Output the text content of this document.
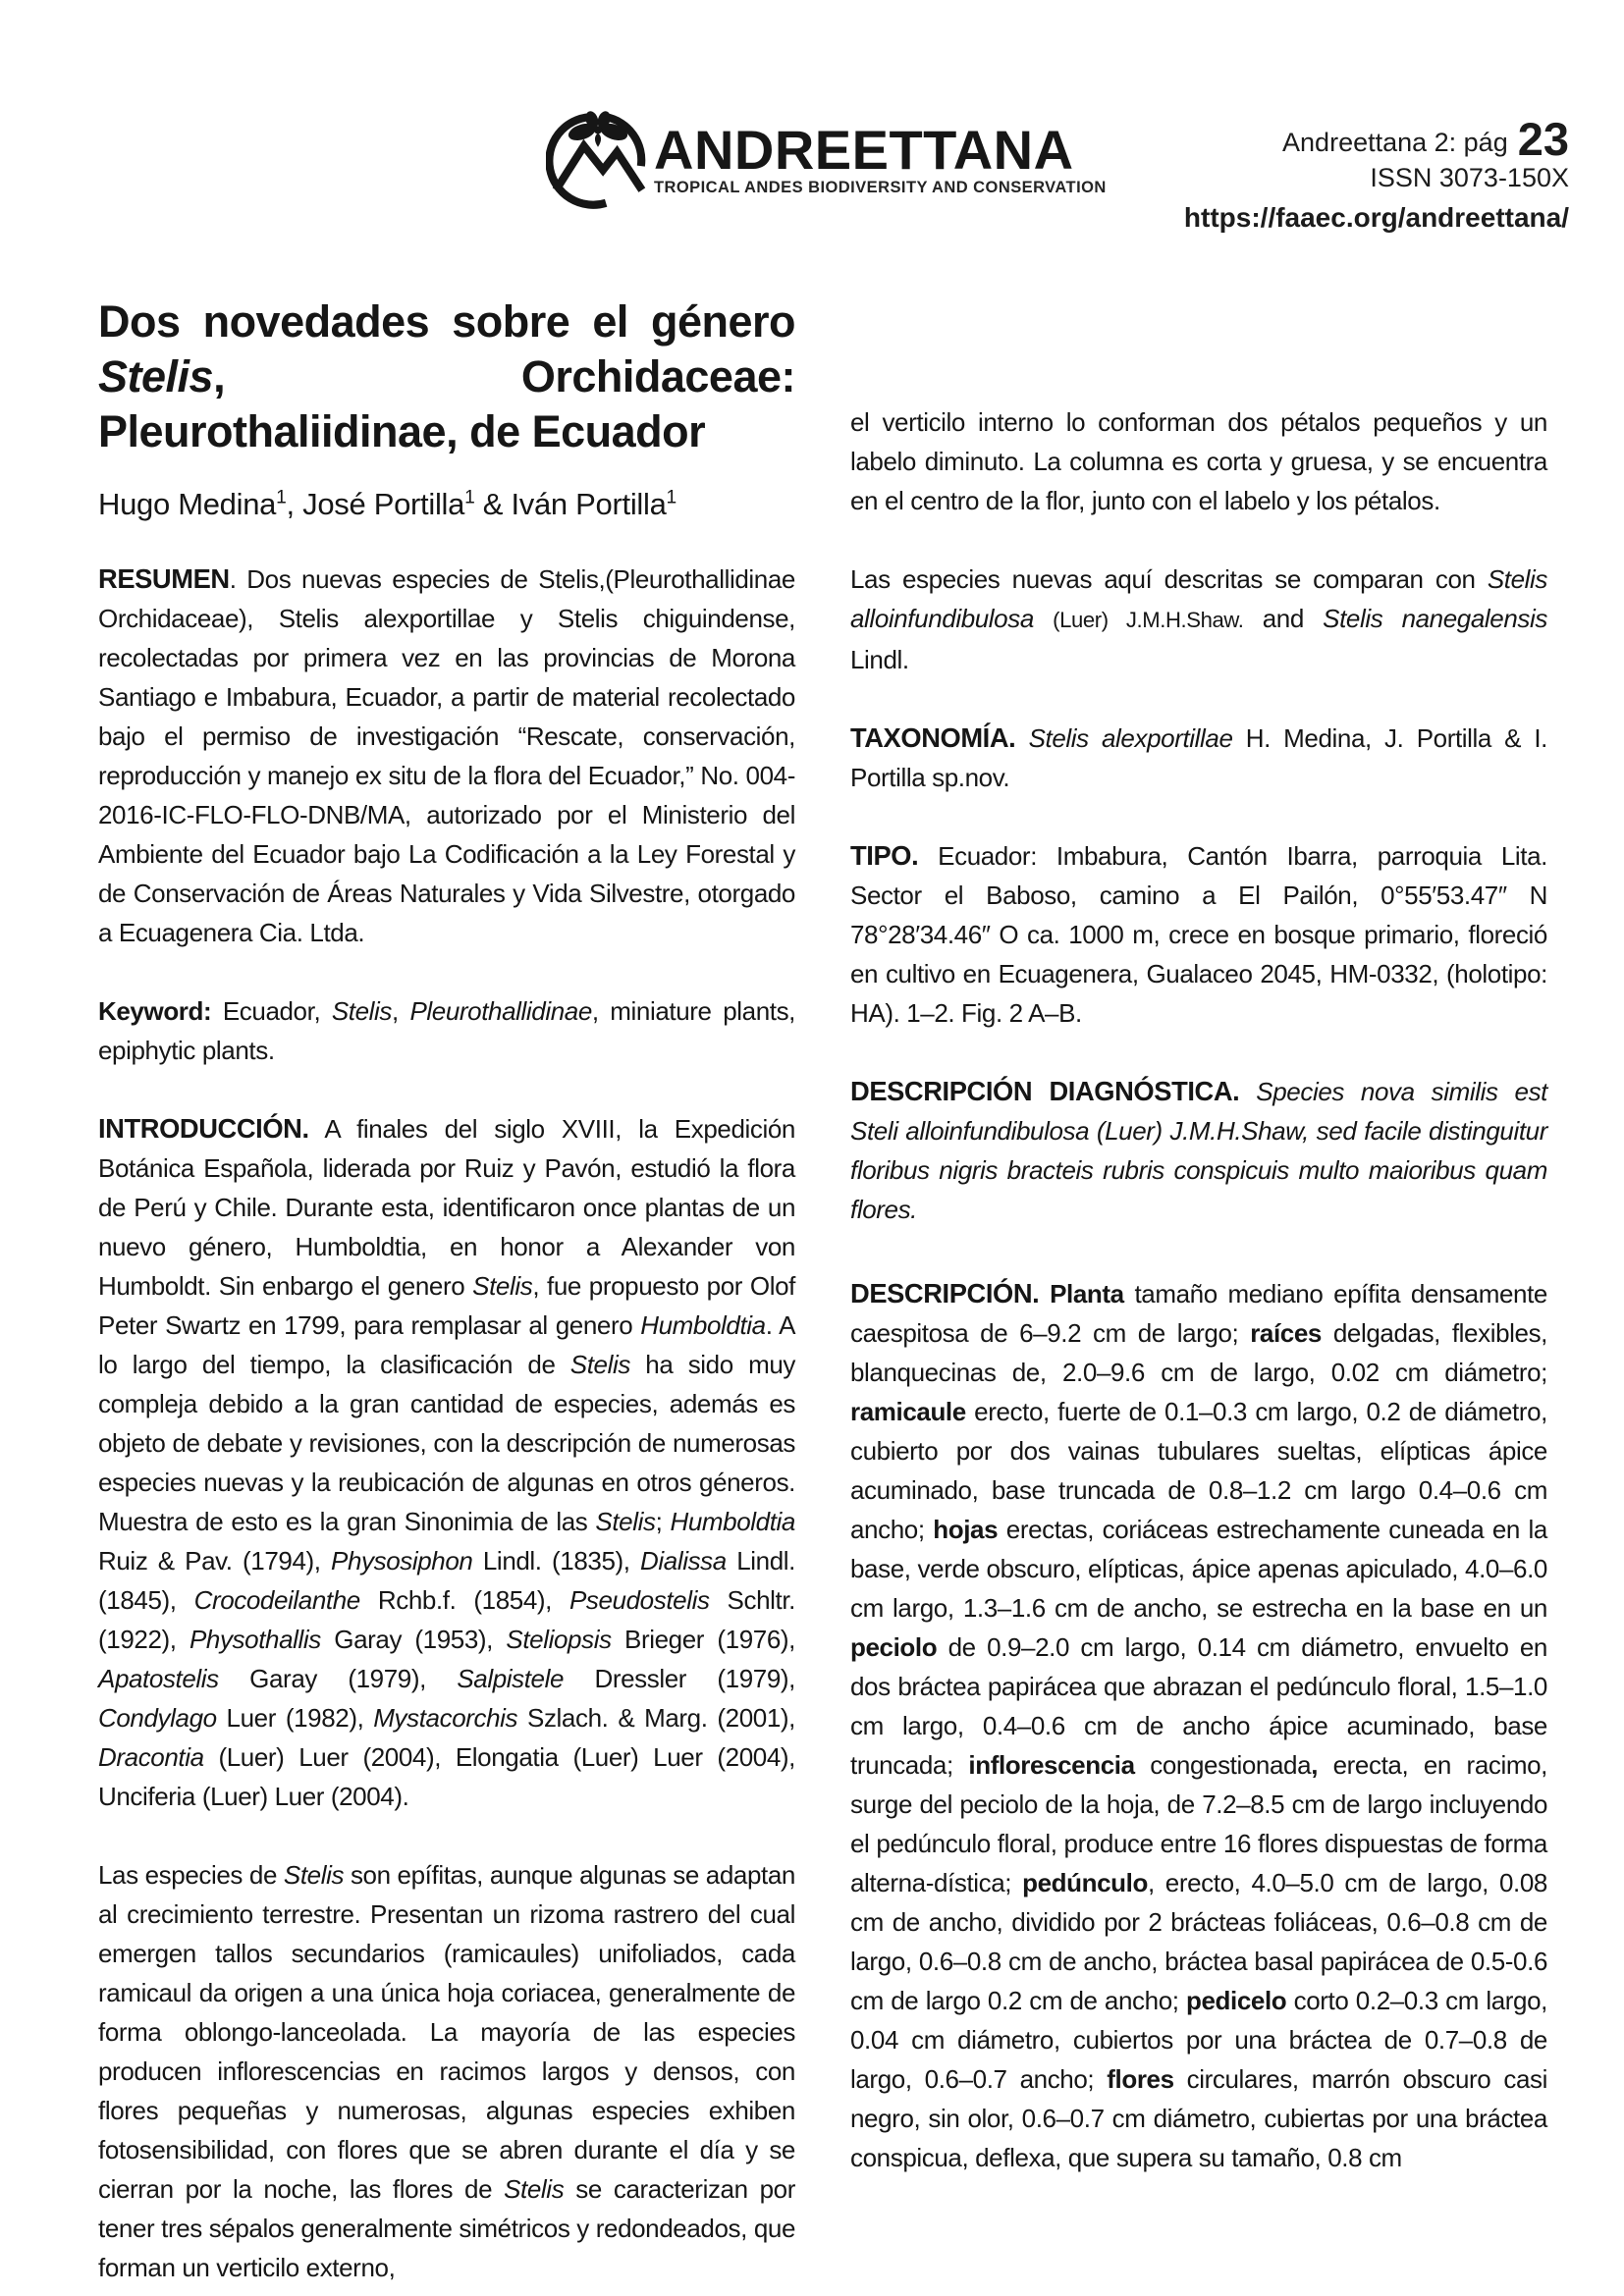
ANDREETTANA
TROPICAL ANDES BIODIVERSITY AND CONSERVATION
Andreettana 2: pág 23
ISSN 3073-150X
https://faaec.org/andreettana/
Dos novedades sobre el género Stelis, Orchidaceae: Pleurothaliidinae, de Ecuador
Hugo Medina$^1$, José Portilla$^1$ & Iván Portilla$^1$

RESUMEN. Dos nuevas especies de Stelis,(Pleurothallidinae Orchidaceae), Stelis alexportillae y Stelis chiguindense, recolectadas por primera vez en las provincias de Morona Santiago e Imbabura, Ecuador, a partir de material recolectado bajo el permiso de investigación “Rescate, conservación, reproducción y manejo ex situ de la flora del Ecuador,” No. 004-2016-IC-FLO-FLO-DNB/MA, autorizado por el Ministerio del Ambiente del Ecuador bajo La Codificación a la Ley Forestal y de Conservación de Áreas Naturales y Vida Silvestre, otorgado a Ecuagenera Cia. Ltda.

Keyword: Ecuador, Stelis, Pleurothallidinae, miniature plants, epiphytic plants.

INTRODUCCIÓN. A finales del siglo XVIII, la Expedición Botánica Española, liderada por Ruiz y Pavón, estudió la flora de Perú y Chile. Durante esta, identificaron once plantas de un nuevo género, Humboldtia, en honor a Alexander von Humboldt. Sin enbargo el genero Stelis, fue propuesto por Olof Peter Swartz en 1799, para remplasar al genero Humboldtia. A lo largo del tiempo, la clasificación de Stelis ha sido muy compleja debido a la gran cantidad de especies, además es objeto de debate y revisiones, con la descripción de numerosas especies nuevas y la reubicación de algunas en otros géneros. Muestra de esto es la gran Sinonimia de las Stelis; Humboldtia Ruiz & Pav. (1794), Physosiphon Lindl. (1835), Dialissa Lindl. (1845), Crocodeilanthe Rchb.f. (1854), Pseudostelis Schltr. (1922), Physothallis Garay (1953), Steliopsis Brieger (1976), Apatostelis Garay (1979), Salpistele Dressler (1979), Condylago Luer (1982), Mystacorchis Szlach. & Marg. (2001), Dracontia (Luer) Luer (2004), Elongatia (Luer) Luer (2004), Unciferia (Luer) Luer (2004).

Las especies de Stelis son epífitas, aunque algunas se adaptan al crecimiento terrestre. Presentan un rizoma rastrero del cual emergen tallos secundarios (ramicaules) unifoliados, cada ramicaul da origen a una única hoja coriacea, generalmente de forma oblongo-lanceolada. La mayoría de las especies producen inflorescencias en racimos largos y densos, con flores pequeñas y numerosas, algunas especies exhiben fotosensibilidad, con flores que se abren durante el día y se cierran por la noche, las flores de Stelis se caracterizan por tener tres sépalos generalmente simétricos y redondeados, que forman un verticilo externo,

el verticilo interno lo conforman dos pétalos pequeños y un labelo diminuto. La columna es corta y gruesa, y se encuentra en el centro de la flor, junto con el labelo y los pétalos.

Las especies nuevas aquí descritas se comparan con Stelis alloinfundibulosa (Luer) J.M.H.Shaw. and Stelis nanegalensis Lindl.

TAXONOMÍA. Stelis alexportillae H. Medina, J. Portilla & I. Portilla sp.nov.

TIPO. Ecuador: Imbabura, Cantón Ibarra, parroquia Lita. Sector el Baboso, camino a El Pailón, 0°55′53.47″ N 78°28′34.46″ O ca. 1000 m, crece en bosque primario, floreció en cultivo en Ecuagenera, Gualaceo 2045, HM-0332, (holotipo: HA). 1–2. Fig. 2 A–B.

DESCRIPCIÓN DIAGNÓSTICA. Species nova similis est Steli alloinfundibulosa (Luer) J.M.H.Shaw, sed facile distinguitur floribus nigris bracteis rubris conspicuis multo maioribus quam flores.

DESCRIPCIÓN. Planta tamaño mediano epífita densamente caespitosa de 6–9.2 cm de largo; raíces delgadas, flexibles, blanquecinas de, 2.0–9.6 cm de largo, 0.02 cm diámetro; ramicaule erecto, fuerte de 0.1–0.3 cm largo, 0.2 de diámetro, cubierto por dos vainas tubulares sueltas, elípticas ápice acuminado, base truncada de 0.8–1.2 cm largo 0.4–0.6 cm ancho; hojas erectas, coriáceas estrechamente cuneada en la base, verde obscuro, elípticas, ápice apenas apiculado, 4.0–6.0 cm largo, 1.3–1.6 cm de ancho, se estrecha en la base en un peciolo de 0.9–2.0 cm largo, 0.14 cm diámetro, envuelto en dos bráctea papirácea que abrazan el pedúnculo floral, 1.5–1.0 cm largo, 0.4–0.6 cm de ancho ápice acuminado, base truncada; inflorescencia congestionada, erecta, en racimo, surge del peciolo de la hoja, de 7.2–8.5 cm de largo incluyendo el pedúnculo floral, produce entre 16 flores dispuestas de forma alterna-dística; pedúnculo, erecto, 4.0–5.0 cm de largo, 0.08 cm de ancho, dividido por 2 brácteas foliáceas, 0.6–0.8 cm de largo, 0.6–0.8 cm de ancho, bráctea basal papirácea de 0.5-0.6 cm de largo 0.2 cm de ancho; pedicelo corto 0.2–0.3 cm largo, 0.04 cm diámetro, cubiertos por una bráctea de 0.7–0.8 de largo, 0.6–0.7 ancho; flores circulares, marrón obscuro casi negro, sin olor, 0.6–0.7 cm diámetro, cubiertas por una bráctea conspicua, deflexa, que supera su tamaño, 0.8 cm
